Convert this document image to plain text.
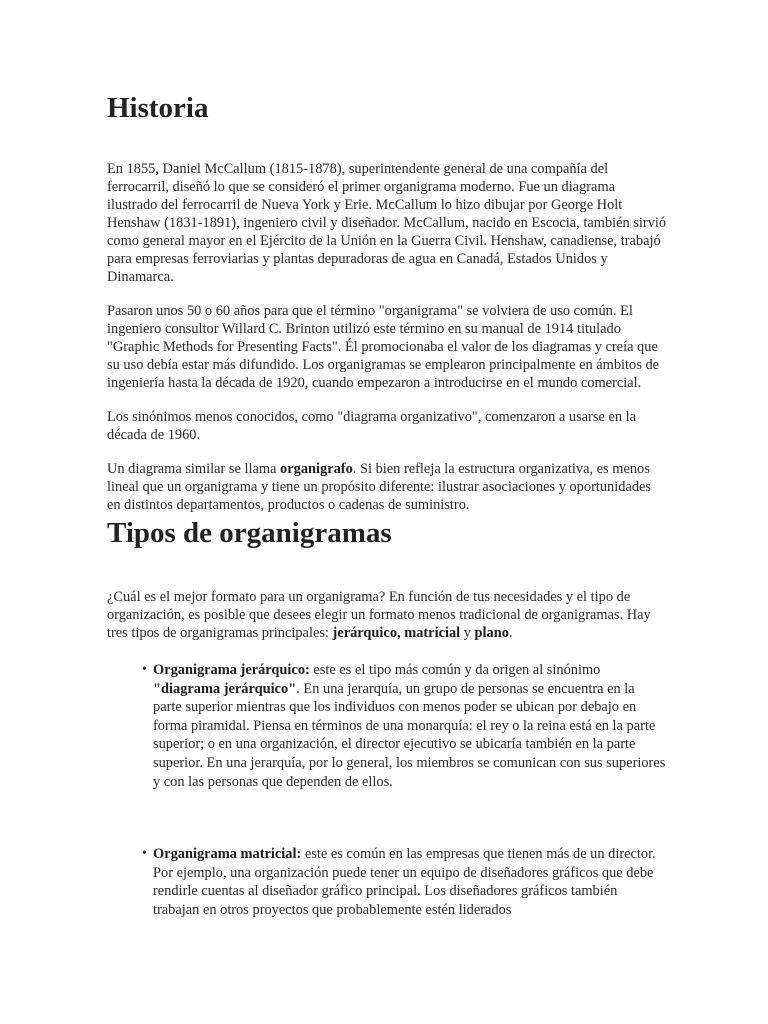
Historia

En 1855, Daniel McCallum (1815-1878), superintendente general de una compañía del ferrocarril, diseñó lo que se consideró el primer organigrama moderno. Fue un diagrama ilustrado del ferrocarril de Nueva York y Erie. McCallum lo hizo dibujar por George Holt Henshaw (1831-1891), ingeniero civil y diseñador. McCallum, nacido en Escocia, también sirvió como general mayor en el Ejército de la Unión en la Guerra Civil. Henshaw, canadiense, trabajó para empresas ferroviarias y plantas depuradoras de agua en Canadá, Estados Unidos y Dinamarca.

Pasaron unos 50 o 60 años para que el término "organigrama" se volviera de uso común. El ingeniero consultor Willard C. Brinton utilizó este término en su manual de 1914 titulado "Graphic Methods for Presenting Facts". Él promocionaba el valor de los diagramas y creía que su uso debía estar más difundido. Los organigramas se emplearon principalmente en ámbitos de ingeniería hasta la década de 1920, cuando empezaron a introducirse en el mundo comercial.

Los sinónimos menos conocidos, como "diagrama organizativo", comenzaron a usarse en la década de 1960.

Un diagrama similar se llama organigrafo. Si bien refleja la estructura organizativa, es menos lineal que un organigrama y tiene un propósito diferente: ilustrar asociaciones y oportunidades en distintos departamentos, productos o cadenas de suministro.

Tipos de organigramas

¿Cuál es el mejor formato para un organigrama? En función de tus necesidades y el tipo de organización, es posible que desees elegir un formato menos tradicional de organigramas. Hay tres tipos de organigramas principales: jerárquico, matricial y plano.

• Organigrama jerárquico: este es el tipo más común y da origen al sinónimo "diagrama jerárquico". En una jerarquía, un grupo de personas se encuentra en la parte superior mientras que los individuos con menos poder se ubican por debajo en forma piramidal. Piensa en términos de una monarquía: el rey o la reina está en la parte superior; o en una organización, el director ejecutivo se ubicaría también en la parte superior. En una jerarquía, por lo general, los miembros se comunican con sus superiores y con las personas que dependen de ellos.
• Organigrama matricial: este es común en las empresas que tienen más de un director. Por ejemplo, una organización puede tener un equipo de diseñadores gráficos que debe rendirle cuentas al diseñador gráfico principal. Los diseñadores gráficos también trabajan en otros proyectos que probablemente estén liderados
